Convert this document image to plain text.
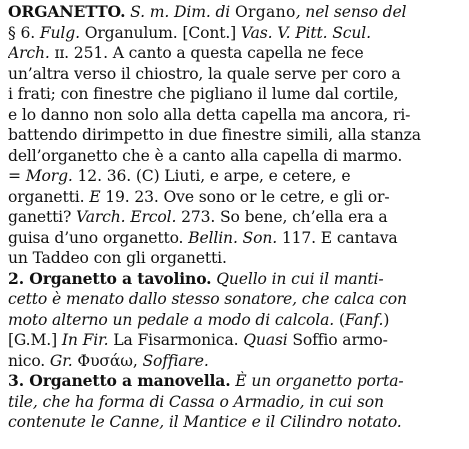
ORGANETTO. S. m. Dim. di Organo, nel senso del
§ 6. Fulg. Organulum. [Cont.] Vas. V. Pitt. Scul.
Arch. ɪɪ. 251. A canto a questa capella ne fece
un’altra verso il chiostro, la quale serve per coro a
i frati; con finestre che pigliano il lume dal cortile,
e lo danno non solo alla detta capella ma ancora, ri-
battendo dirimpetto in due finestre simili, alla stanza
dell’organetto che è a canto alla capella di marmo.
= Morg. 12. 36. (C) Liuti, e arpe, e cetere, e
organetti. E 19. 23. Ove sono or le cetre, e gli or-
ganetti? Varch. Ercol. 273. So bene, ch’ella era a
guisa d’uno organetto. Bellin. Son. 117. E cantava
un Taddeo con gli organetti.
2. Organetto a tavolino. Quello in cui il manti-
cetto è menato dallo stesso sonatore, che calca con
moto alterno un pedale a modo di calcola. (Fanf.)
[G.M.] In Fir. La Fisarmonica. Quasi Soffio armo-
nico. Gr. Φυσάω, Soffiare.
3. Organetto a manovella. È un organetto porta-
tile, che ha forma di Cassa o Armadio, in cui son
contenute le Canne, il Mantice e il Cilindro notato.
